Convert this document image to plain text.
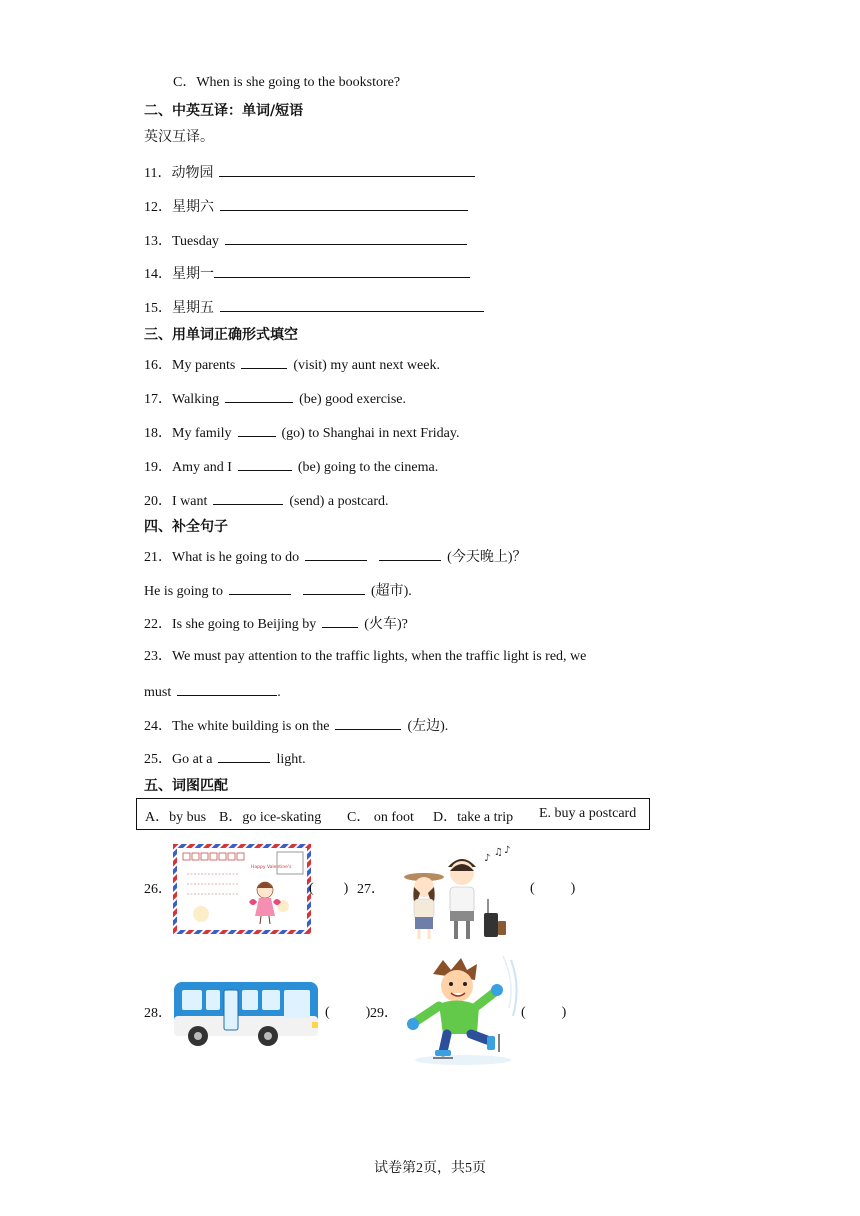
C．When is she going to the bookstore?
二、中英互译：单词/短语
英汉互译。
11．动物园
12．星期六
13．Tuesday
14．星期一
15．星期五
三、用单词正确形式填空
16．My parents	(visit) my aunt next week.
17．Walking	(be) good exercise.
18．My family	(go) to Shanghai in next Friday.
19．Amy and I	(be) going to the cinema.
20．I want	(send) a postcard.
四、补全句子
21．What is he going to do	(今天晚上)？
He is going to	(超市).
22．Is she going to Beijing by	(火车)?
23．We must pay attention to the traffic lights, when the traffic light is red, we
must	.
24．The white building is on the	(左边).
25．Go at a	light.
五、词图匹配
A．by bus B．go ice-skating C． on foot D．take a trip E. buy a postcard
26．
Happy Valentine's
( ) 27．
♪
♫ ♪
(	)
28．	(	) 29．	(	)
试卷第2页，共5页
